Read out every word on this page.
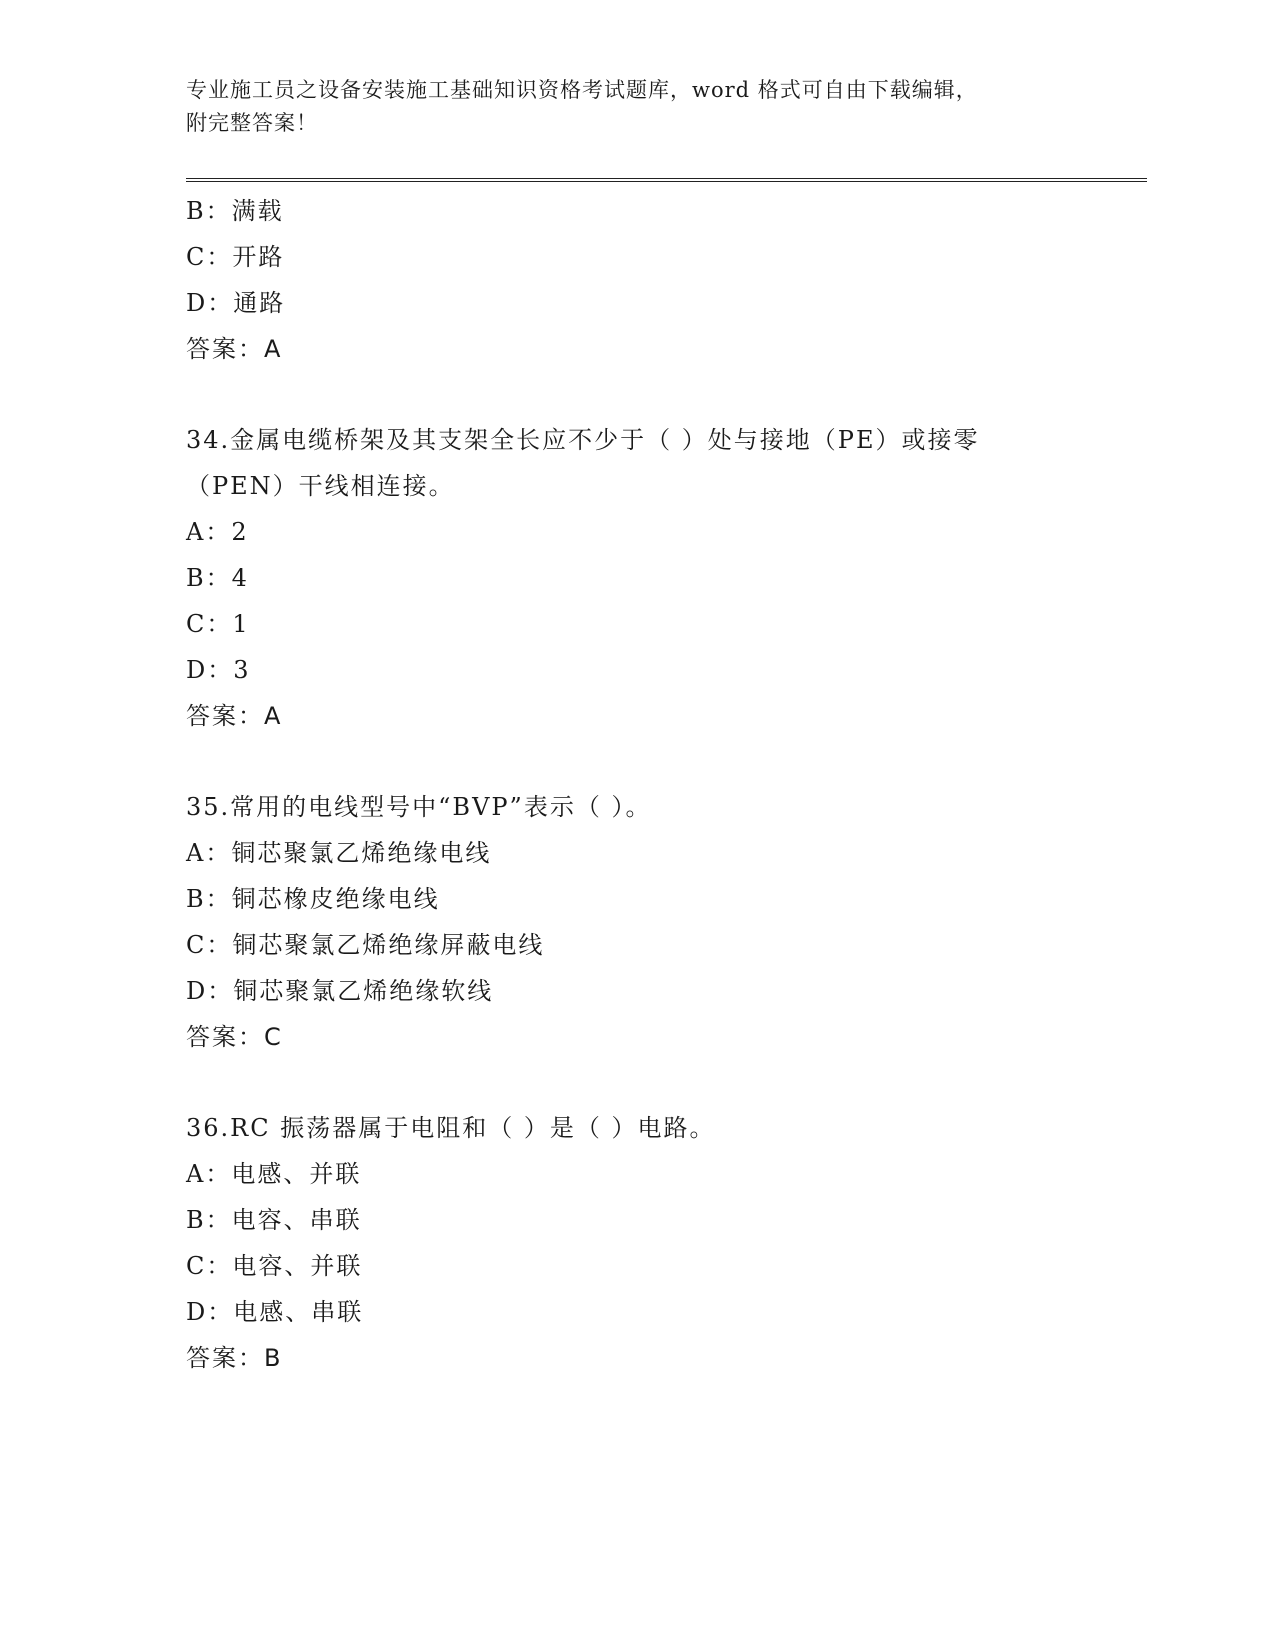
专业施工员之设备安装施工基础知识资格考试题库，word 格式可自由下载编辑，
附完整答案！
B：满载
C：开路
D：通路
答案：A
34.金属电缆桥架及其支架全长应不少于（ ）处与接地（PE）或接零
（PEN）干线相连接。
A：2
B：4
C：1
D：3
答案：A
35.常用的电线型号中“BVP”表示（ ）。
A：铜芯聚氯乙烯绝缘电线
B：铜芯橡皮绝缘电线
C：铜芯聚氯乙烯绝缘屏蔽电线
D：铜芯聚氯乙烯绝缘软线
答案：C
36.RC 振荡器属于电阻和（ ）是（ ）电路。
A：电感、并联
B：电容、串联
C：电容、并联
D：电感、串联
答案：B
